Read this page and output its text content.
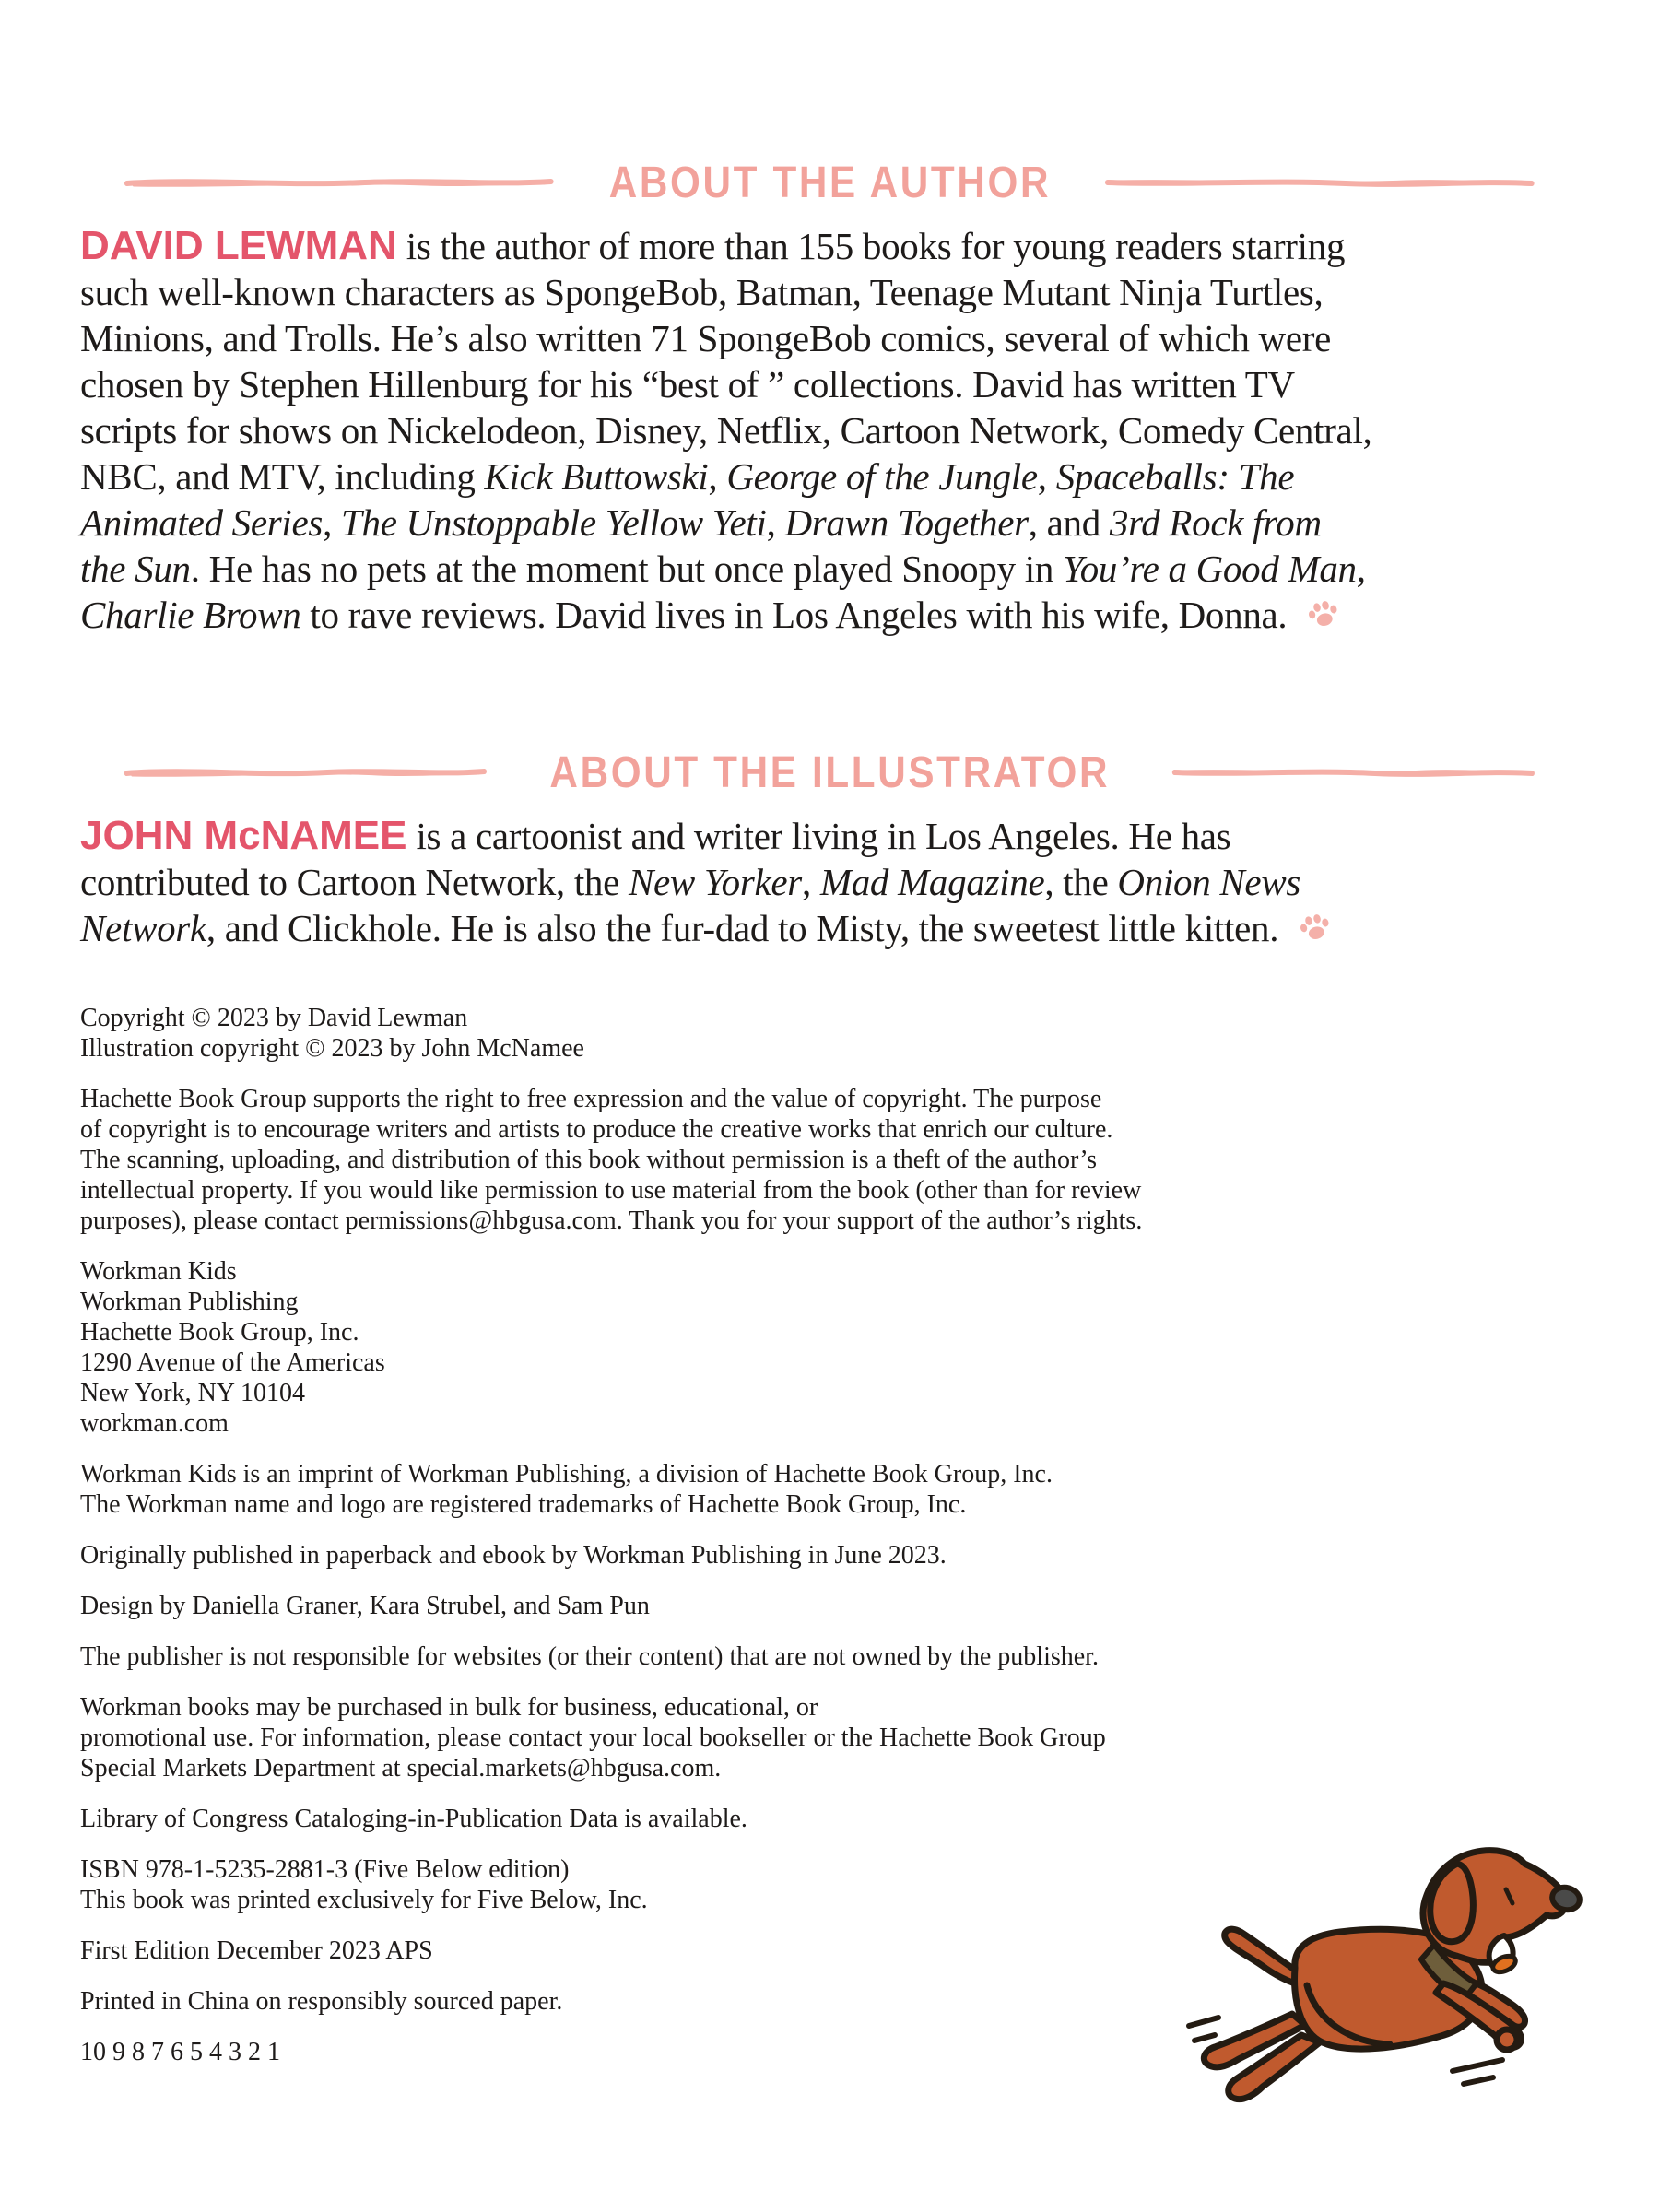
ABOUT THE AUTHOR
DAVID LEWMAN is the author of more than 155 books for young readers starring
such well-known characters as SpongeBob, Batman, Teenage Mutant Ninja Turtles,
Minions, and Trolls. He’s also written 71 SpongeBob comics, several of which were
chosen by Stephen Hillenburg for his “best of ” collections. David has written TV
scripts for shows on Nickelodeon, Disney, Netflix, Cartoon Network, Comedy Central,
NBC, and MTV, including Kick Buttowski, George of the Jungle, Spaceballs: The
Animated Series, The Unstoppable Yellow Yeti, Drawn Together, and 3rd Rock from
the Sun. He has no pets at the moment but once played Snoopy in You’re a Good Man,
Charlie Brown to rave reviews. David lives in Los Angeles with his wife, Donna.
ABOUT THE ILLUSTRATOR
JOHN McNAMEE is a cartoonist and writer living in Los Angeles. He has
contributed to Cartoon Network, the New Yorker, Mad Magazine, the Onion News
Network, and Clickhole. He is also the fur-dad to Misty, the sweetest little kitten.
Copyright © 2023 by David Lewman
Illustration copyright © 2023 by John McNamee
Hachette Book Group supports the right to free expression and the value of copyright. The purpose
of copyright is to encourage writers and artists to produce the creative works that enrich our culture.
The scanning, uploading, and distribution of this book without permission is a theft of the author’s
intellectual property. If you would like permission to use material from the book (other than for review
purposes), please contact permissions@hbgusa.com. Thank you for your support of the author’s rights.
Workman Kids
Workman Publishing
Hachette Book Group, Inc.
1290 Avenue of the Americas
New York, NY 10104
workman.com
Workman Kids is an imprint of Workman Publishing, a division of Hachette Book Group, Inc.
The Workman name and logo are registered trademarks of Hachette Book Group, Inc.
Originally published in paperback and ebook by Workman Publishing in June 2023.
Design by Daniella Graner, Kara Strubel, and Sam Pun
The publisher is not responsible for websites (or their content) that are not owned by the publisher.
Workman books may be purchased in bulk for business, educational, or
promotional use. For information, please contact your local bookseller or the Hachette Book Group
Special Markets Department at special.markets@hbgusa.com.
Library of Congress Cataloging-in-Publication Data is available.
ISBN 978-1-5235-2881-3 (Five Below edition)
This book was printed exclusively for Five Below, Inc.
First Edition December 2023 APS
Printed in China on responsibly sourced paper.
10 9 8 7 6 5 4 3 2 1
